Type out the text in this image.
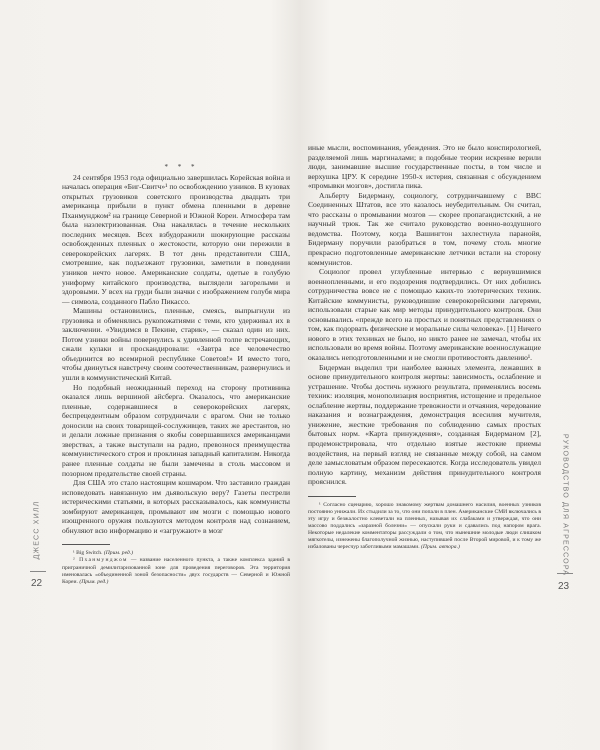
* * *

24 сентября 1953 года официально завершилась Корейская война и началась операция «Биг-Свитч»¹ по освобождению узников. В кузовах открытых грузовиков советского производства двадцать три американца прибыли в пункт обмена пленными в деревне Пханмунджом² на границе Северной и Южной Кореи. Атмосфера там была наэлектризованная. Она накалялась в течение нескольких последних месяцев. Всех взбудоражили шокирующие рассказы освобожденных пленных о жестокости, которую они пережили в северокорейских лагерях. В тот день представители США, смотревшие, как подъезжают грузовики, заметили в поведении узников нечто новое. Американские солдаты, одетые в голубую униформу китайского производства, выглядели загорелыми и здоровыми. У всех на груди были значки с изображением голубя мира — символа, созданного Пабло Пикассо.

Машины остановились, пленные, смеясь, выпрыгнули из грузовика и обменялись рукопожатиями с теми, кто удерживал их в заключении. «Увидимся в Пекине, старик», — сказал один из них. Потом узники войны повернулись к удивленной толпе встречающих, сжали кулаки и проскандировали: «Завтра все человечество объединится во всемирной республике Советов!» И вместо того, чтобы двинуться навстречу своим соотечественникам, развернулись и ушли в коммунистический Китай.

Но подобный неожиданный переход на сторону противника оказался лишь вершиной айсберга. Оказалось, что американские пленные, содержавшиеся в северокорейских лагерях, беспрецедентным образом сотрудничали с врагом. Они не только доносили на своих товарищей-сослуживцев, таких же арестантов, но и делали ложные признания о якобы совершавшихся американцами зверствах, а также выступали на радио, превознося преимущества коммунистического строя и проклиная западный капитализм. Никогда ранее пленные солдаты не были замечены в столь массовом и позорном предательстве своей страны.

Для США это стало настоящим кошмаром. Что заставило граждан исповедовать навязанную им дьявольскую веру? Газеты пестрели истерическими статьями, в которых рассказывалось, как коммунисты зомбируют американцев, промывают им мозги с помощью нового изощренного оружия пользуются методом контроля над сознанием, обнуляют всю информацию и «загружают» в мозг

¹ Big Switch. (Прим. ред.)

² Пханмунджом — название населенного пункта, а также комплекса зданий в приграничной демилитаризованной зоне для проведения переговоров. Эта территория именовалась «объединенной зоной безопасности» двух государств — Северной и Южной Кореи. (Прим. ред.)

иные мысли, воспоминания, убеждения. Это не было конспирологией, разделяемой лишь маргиналами; в подобные теории искренне верили люди, занимавшие высшие государственные посты, в том числе и верхушка ЦРУ. К середине 1950-х истерия, связанная с обсуждением «промывки мозгов», достигла пика.

Альберту Бидерману, социологу, сотрудничавшему с ВВС Соединенных Штатов, все это казалось неубедительным. Он считал, что рассказы о промывании мозгов — скорее пропагандистский, а не научный трюк. Так же считало руководство военно-воздушного ведомства. Поэтому, когда Вашингтон захлестнула паранойя, Бидерману поручили разобраться в том, почему столь многие прекрасно подготовленные американские летчики встали на сторону коммунистов.

Социолог провел углубленные интервью с вернувшимися военнопленными, и его подозрения подтвердились. От них добились сотрудничества вовсе не с помощью каких-то эзотерических техник. Китайские коммунисты, руководившие северокорейскими лагерями, использовали старые как мир методы принудительного контроля. Они основывались «прежде всего на простых и понятных представлениях о том, как подорвать физические и моральные силы человека». [1] Ничего нового в этих техниках не было, но никто ранее не замечал, чтобы их использовали во время войны. Поэтому американские военнослужащие оказались неподготовленными и не смогли противостоять давлению¹.

Бидерман выделил три наиболее важных элемента, лежавших в основе принудительного контроля жертвы: зависимость, ослабление и устрашение. Чтобы достичь нужного результата, применялись восемь техник: изоляция, монополизация восприятия, истощение и предельное ослабление жертвы, поддержание тревожности и отчаяния, чередование наказания и вознаграждения, демонстрация всесилия мучителя, унижение, жесткие требования по соблюдению самых простых бытовых норм. «Карта принуждения», созданная Бидерманом [2], продемонстрировала, что отдельно взятые жестокие приемы воздействия, на первый взгляд не связанные между собой, на самом деле замысловатым образом пересекаются. Когда исследователь увидел полную картину, механизм действия принудительного контроля прояснился.

¹ Согласно сценарию, хорошо знакомому жертвам домашнего насилия, военных узников постоянно унижали. Их стыдили за то, что они попали в плен. Американские СМИ включались в эту игру и безжалостно клеветали на пленных, называя их слабаками и утверждая, что они массово поддались «заразной болезни» — опускали руки и сдавались под напором врага. Некоторые недалекие комментаторы рассуждали о том, что нынешние молодые люди слишком мягкотелы, изнежены благополучной жизнью, наступившей после Второй мировой, и к тому же избалованы чересчур заботливыми мамашами. (Прим. автора.)

ДЖЕСС ХИЛЛ
22
РУКОВОДСТВО ДЛЯ АГРЕССОРА
23
